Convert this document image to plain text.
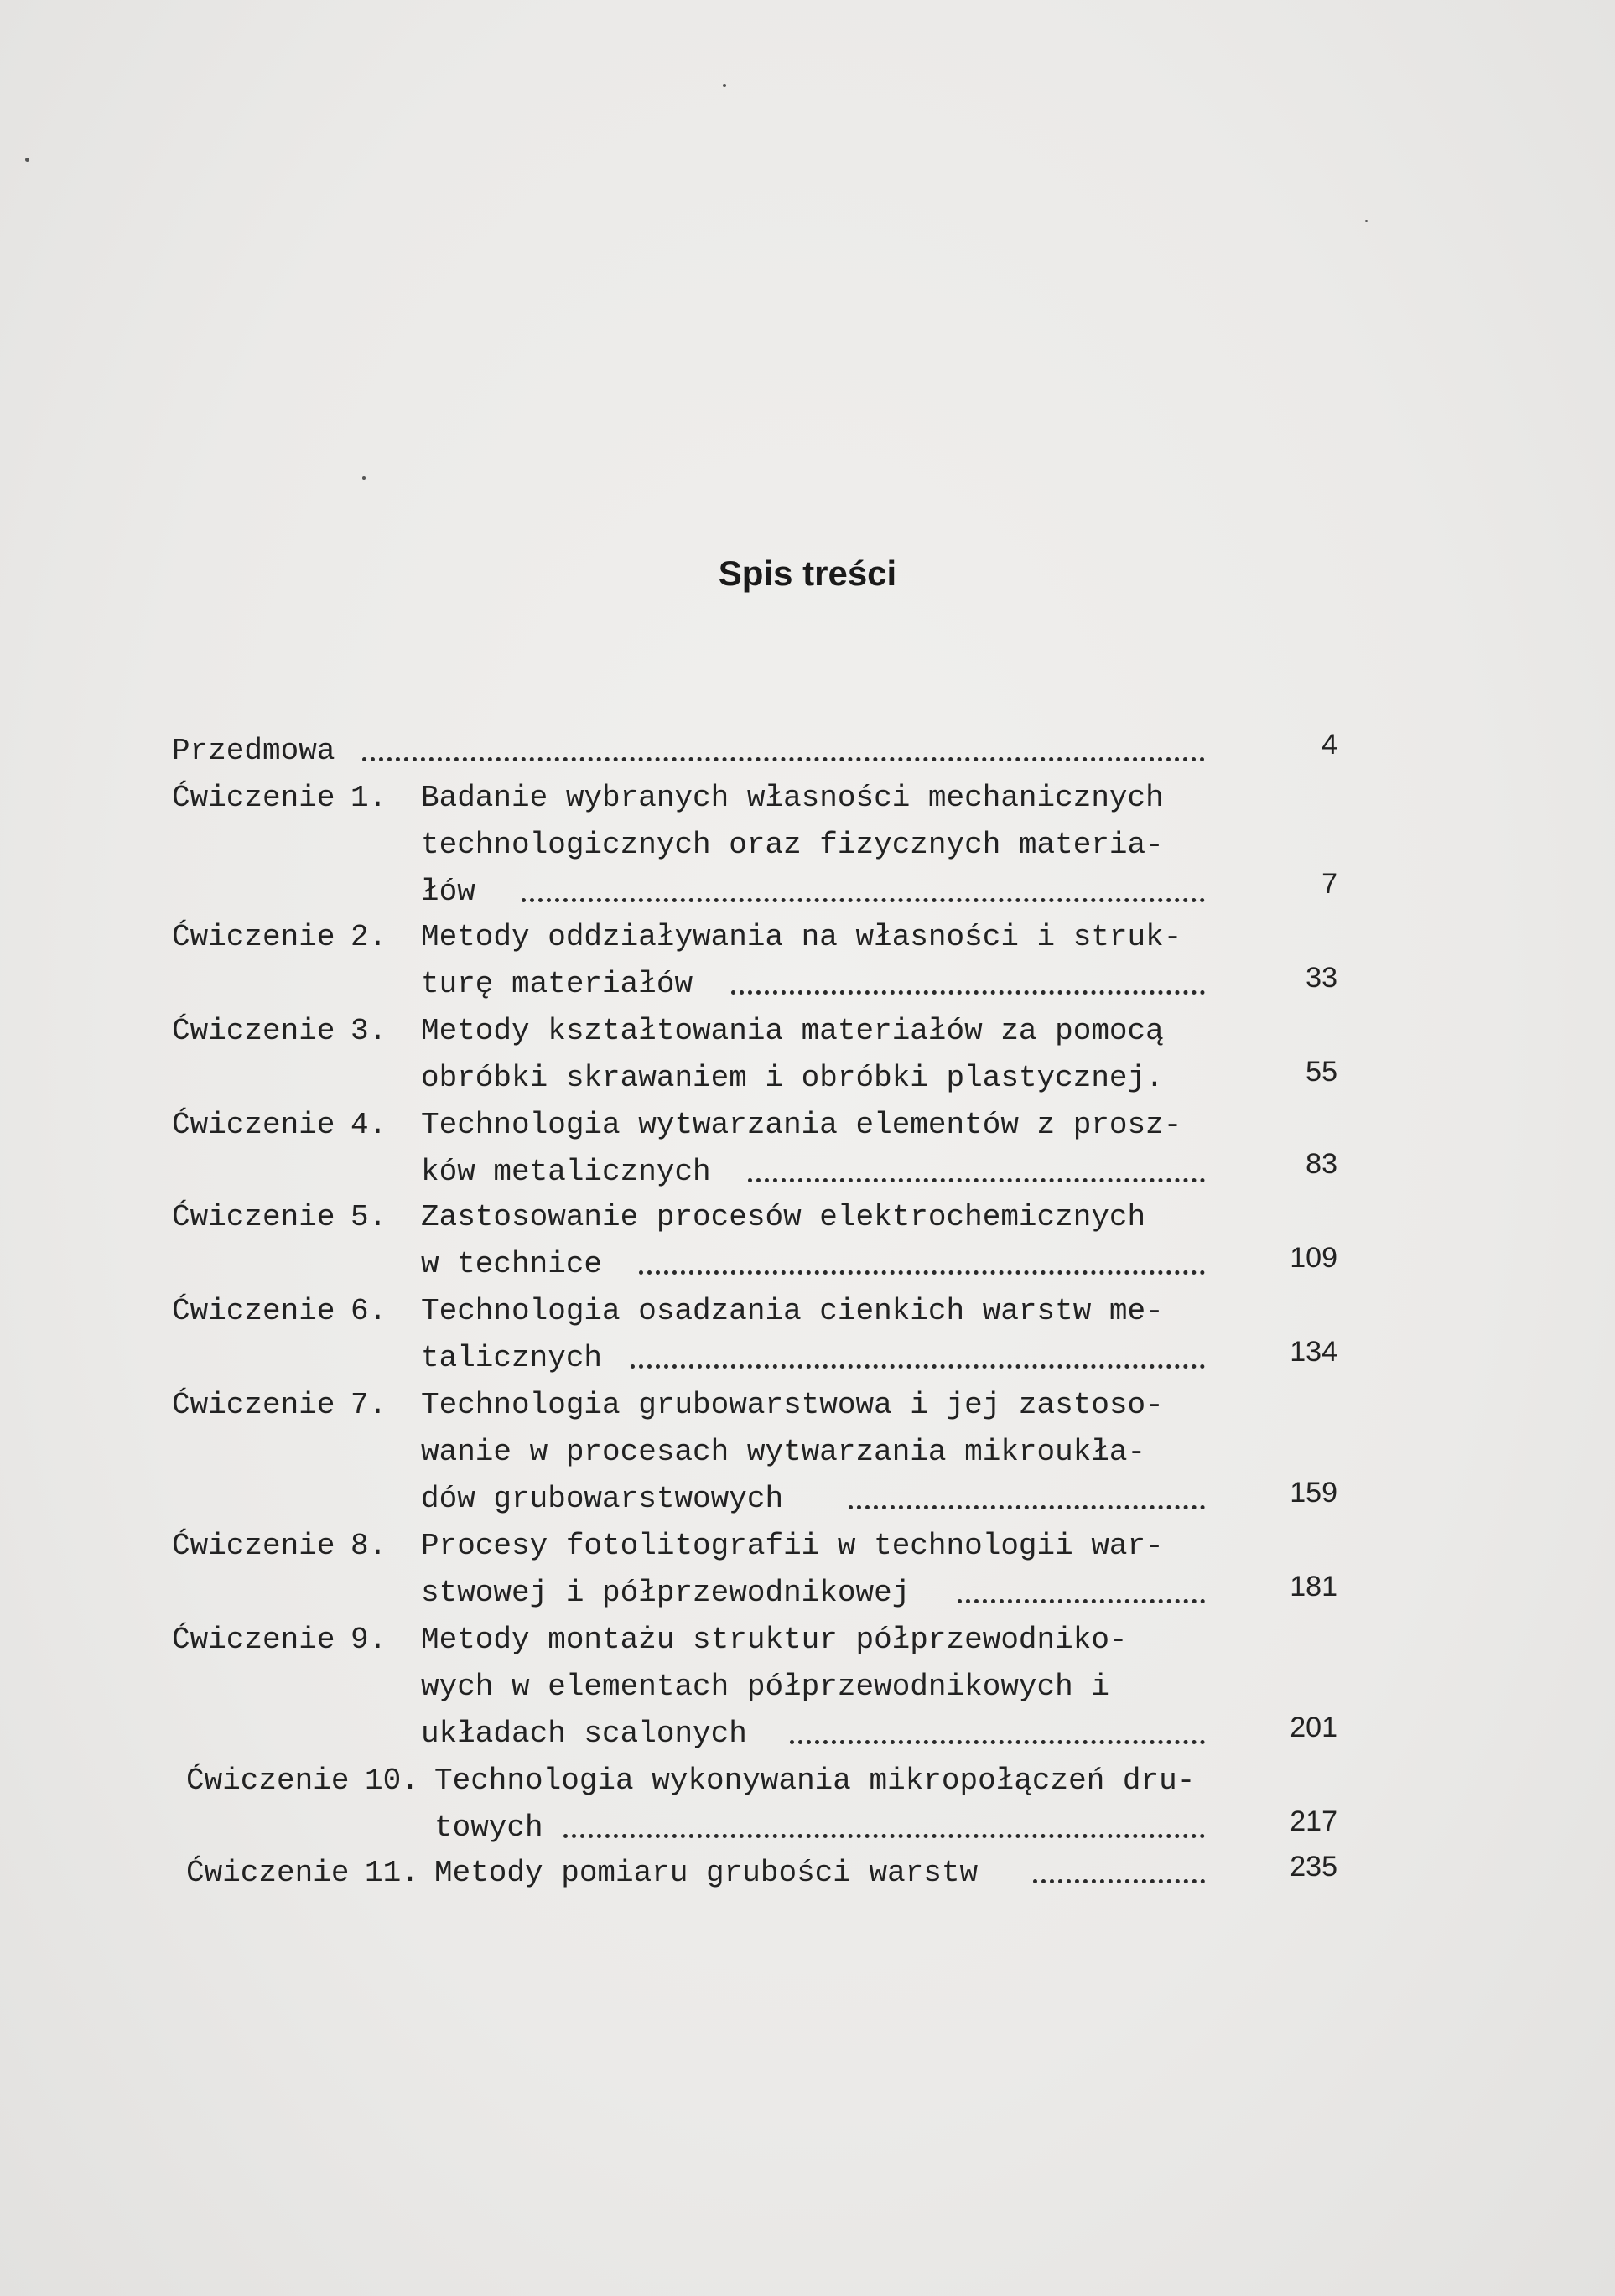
Spis treści
Przedmowa	4
Ćwiczenie 1. Badanie wybranych własności mechanicznych
technologicznych oraz fizycznych materia-
łów	7
Ćwiczenie 2. Metody oddziaływania na własności i struk-
turę materiałów	33
Ćwiczenie 3. Metody kształtowania materiałów za pomocą
obróbki skrawaniem i obróbki plastycznej.	55
Ćwiczenie 4. Technologia wytwarzania elementów z prosz-
ków metalicznych	83
Ćwiczenie 5. Zastosowanie procesów elektrochemicznych
w technice	109
Ćwiczenie 6. Technologia osadzania cienkich warstw me-
talicznych	134
Ćwiczenie 7. Technologia grubowarstwowa i jej zastoso-
wanie w procesach wytwarzania mikroukła-
dów grubowarstwowych	159
Ćwiczenie 8. Procesy fotolitografii w technologii war-
stwowej i półprzewodnikowej	181
Ćwiczenie 9. Metody montażu struktur półprzewodniko-
wych w elementach półprzewodnikowych i
układach scalonych	201
Ćwiczenie 10. Technologia wykonywania mikropołączeń dru-
towych	217
Ćwiczenie 11. Metody pomiaru grubości warstw	235
